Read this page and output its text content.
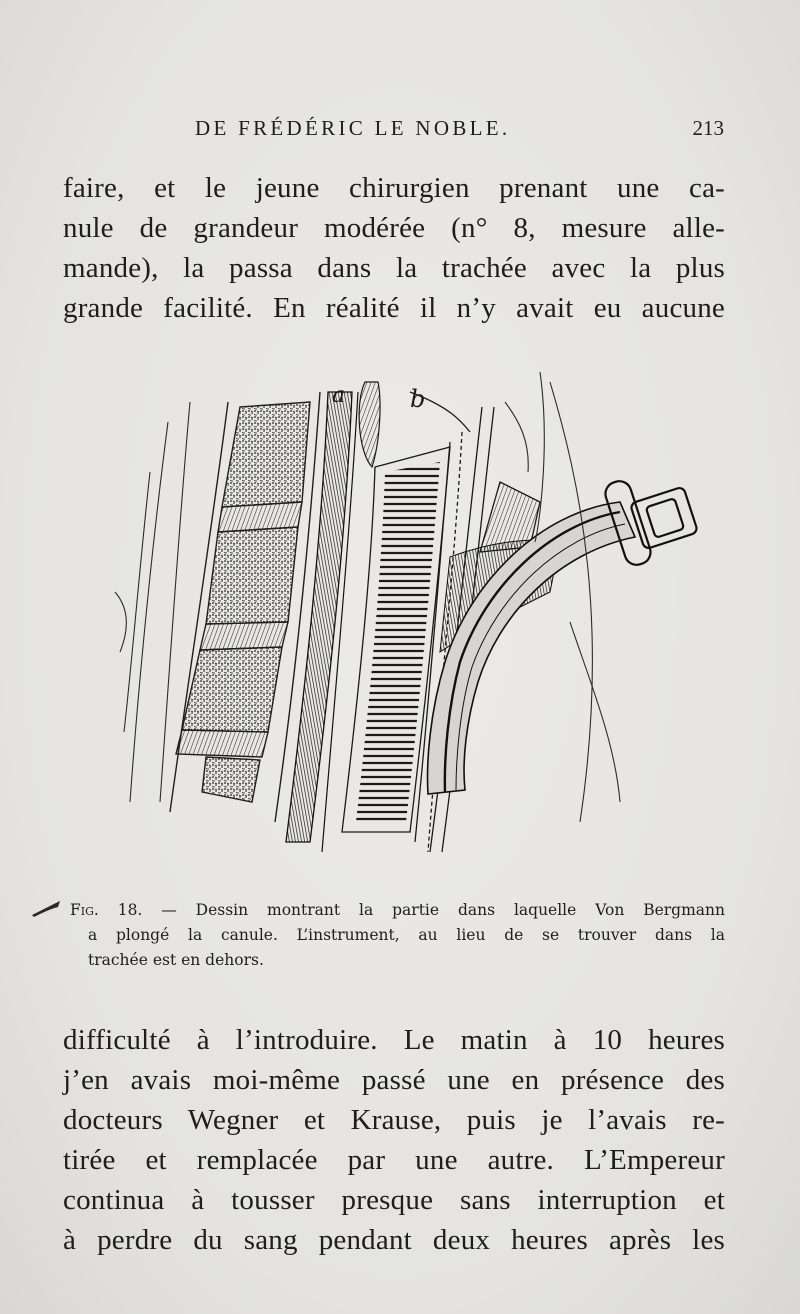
DE FRÉDÉRIC LE NOBLE.	213
faire, et le jeune chirurgien prenant une ca-
nule de grandeur modérée (n° 8, mesure alle-
mande), la passa dans la trachée avec la plus
grande facilité. En réalité il n’y avait eu aucune
a	b
Fig. 18. — Dessin montrant la partie dans laquelle Von Bergmann
a plongé la canule. L’instrument, au lieu de se trouver dans la
trachée est en dehors.
difficulté à l’introduire. Le matin à 10 heures
j’en avais moi-même passé une en présence des
docteurs Wegner et Krause, puis je l’avais re-
tirée et remplacée par une autre. L’Empereur
continua à tousser presque sans interruption et
à perdre du sang pendant deux heures après les
